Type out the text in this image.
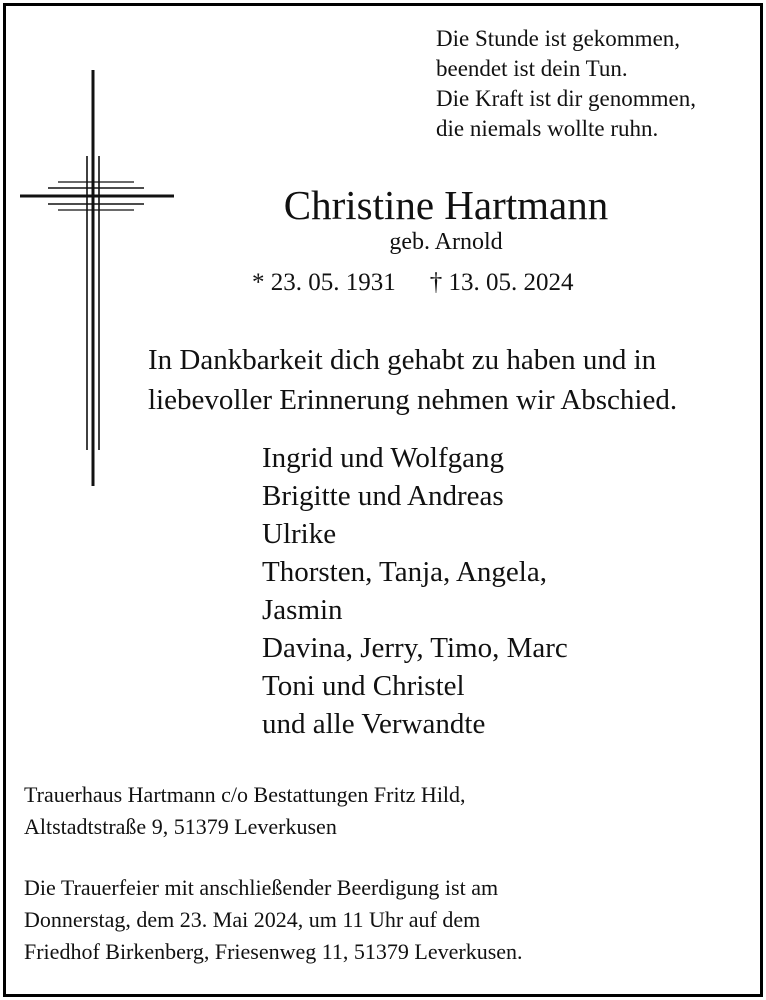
Die Stunde ist gekommen,
beendet ist dein Tun.
Die Kraft ist dir genommen,
die niemals wollte ruhn.
Christine Hartmann
geb. Arnold
* 23. 05. 1931 † 13. 05. 2024
In Dankbarkeit dich gehabt zu haben und in
liebevoller Erinnerung nehmen wir Abschied.
Ingrid und Wolfgang
Brigitte und Andreas
Ulrike
Thorsten, Tanja, Angela,
Jasmin
Davina, Jerry, Timo, Marc
Toni und Christel
und alle Verwandte
Trauerhaus Hartmann c/o Bestattungen Fritz Hild,
Altstadtstraße 9, 51379 Leverkusen
Die Trauerfeier mit anschließender Beerdigung ist am
Donnerstag, dem 23. Mai 2024, um 11 Uhr auf dem
Friedhof Birkenberg, Friesenweg 11, 51379 Leverkusen.
